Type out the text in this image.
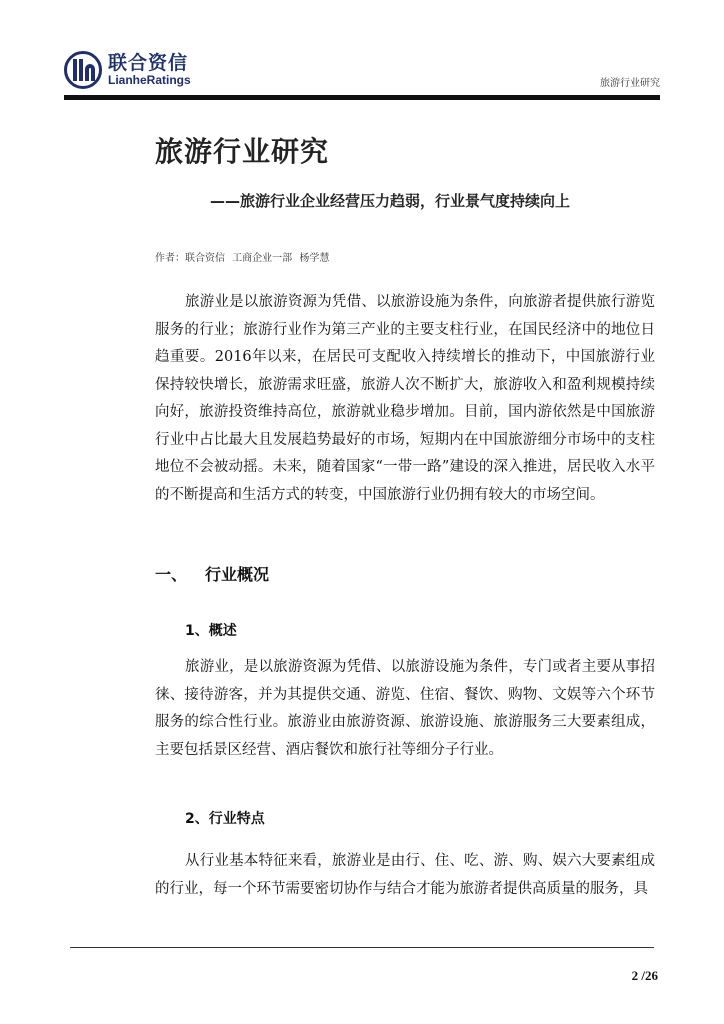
联合资信
LianheRatings	旅游行业研究
旅游行业研究
——旅游行业企业经营压力趋弱，行业景气度持续向上
作者：联合资信 工商企业一部 杨学慧
旅游业是以旅游资源为凭借、以旅游设施为条件，向旅游者提供旅行游览服务的行业；旅游行业作为第三产业的主要支柱行业，在国民经济中的地位日趋重要。2016年以来，在居民可支配收入持续增长的推动下，中国旅游行业保持较快增长，旅游需求旺盛，旅游人次不断扩大，旅游收入和盈利规模持续向好，旅游投资维持高位，旅游就业稳步增加。目前，国内游依然是中国旅游行业中占比最大且发展趋势最好的市场，短期内在中国旅游细分市场中的支柱地位不会被动摇。未来，随着国家“一带一路”建设的深入推进，居民收入水平的不断提高和生活方式的转变，中国旅游行业仍拥有较大的市场空间。
一、 行业概况
1、概述
旅游业，是以旅游资源为凭借、以旅游设施为条件，专门或者主要从事招徕、接待游客，并为其提供交通、游览、住宿、餐饮、购物、文娱等六个环节服务的综合性行业。旅游业由旅游资源、旅游设施、旅游服务三大要素组成，主要包括景区经营、酒店餐饮和旅行社等细分子行业。
2、行业特点
从行业基本特征来看，旅游业是由行、住、吃、游、购、娱六大要素组成的行业，每一个环节需要密切协作与结合才能为旅游者提供高质量的服务，具
2 /26
